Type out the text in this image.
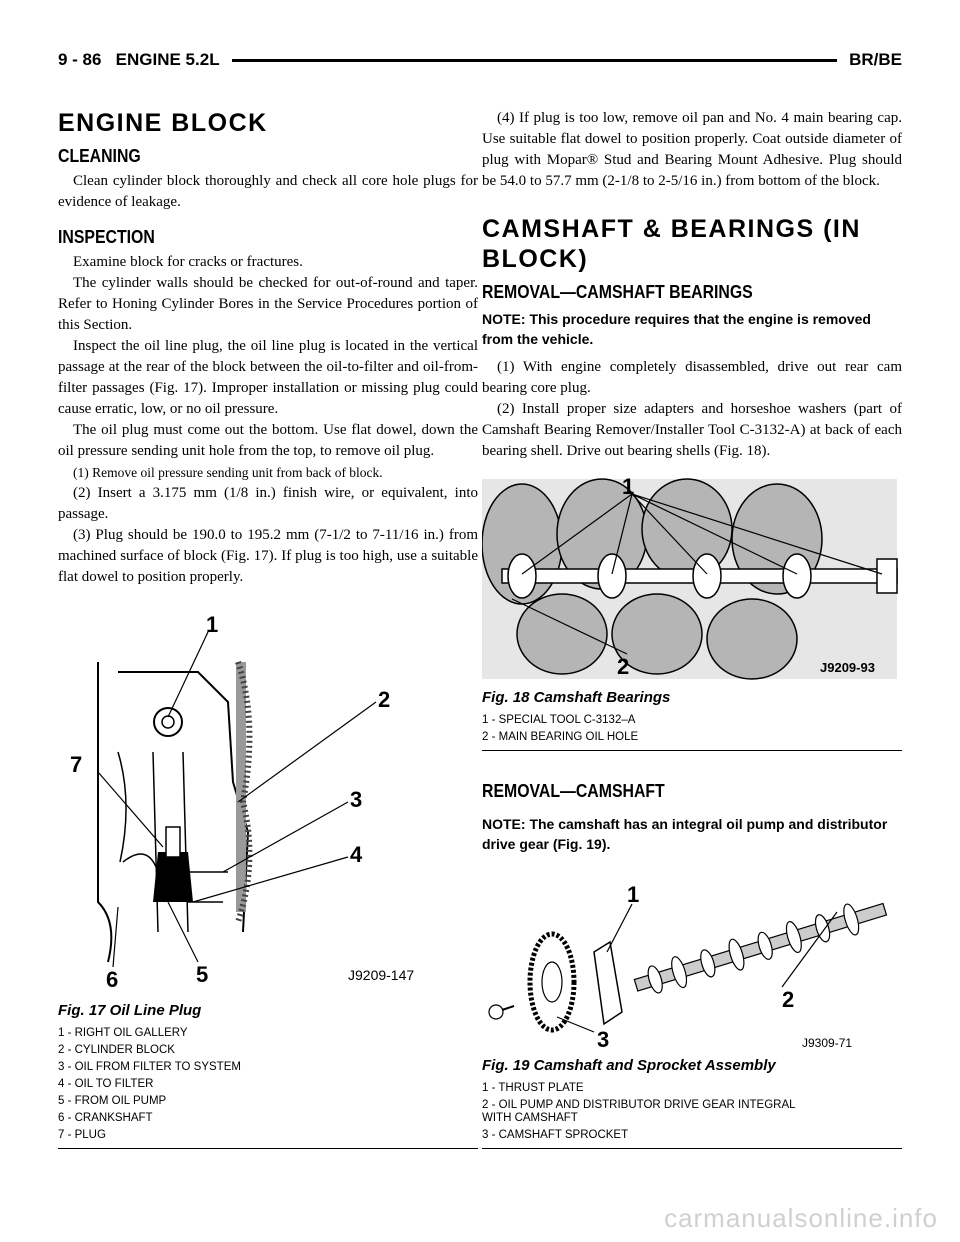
9 - 86 ENGINE 5.2L	BR/BE
ENGINE BLOCK
CLEANING

Clean cylinder block thoroughly and check all core hole plugs for evidence of leakage.

INSPECTION

Examine block for cracks or fractures.

The cylinder walls should be checked for out-of-round and taper. Refer to Honing Cylinder Bores in the Service Procedures portion of this Section.

Inspect the oil line plug, the oil line plug is located in the vertical passage at the rear of the block between the oil-to-filter and oil-from-filter passages (Fig. 17). Improper installation or missing plug could cause erratic, low, or no oil pressure.

The oil plug must come out the bottom. Use flat dowel, down the oil pressure sending unit hole from the top, to remove oil plug.

(1) Remove oil pressure sending unit from back of block.

(2) Insert a 3.175 mm (1/8 in.) finish wire, or equivalent, into passage.

(3) Plug should be 190.0 to 195.2 mm (7-1/2 to 7-11/16 in.) from machined surface of block (Fig. 17). If plug is too high, use a suitable flat dowel to position properly.

1
2
3
4
5
6
7
J9209-147
Fig. 17 Oil Line Plug
1 - RIGHT OIL GALLERY
2 - CYLINDER BLOCK
3 - OIL FROM FILTER TO SYSTEM
4 - OIL TO FILTER
5 - FROM OIL PUMP
6 - CRANKSHAFT
7 - PLUG

(4) If plug is too low, remove oil pan and No. 4 main bearing cap. Use suitable flat dowel to position properly. Coat outside diameter of plug with Mopar® Stud and Bearing Mount Adhesive. Plug should be 54.0 to 57.7 mm (2-1/8 to 2-5/16 in.) from bottom of the block.

CAMSHAFT & BEARINGS (IN BLOCK)
REMOVAL—CAMSHAFT BEARINGS
NOTE: This procedure requires that the engine is removed from the vehicle.

(1) With engine completely disassembled, drive out rear cam bearing core plug.

(2) Install proper size adapters and horseshoe washers (part of Camshaft Bearing Remover/Installer Tool C-3132-A) at back of each bearing shell. Drive out bearing shells (Fig. 18).

1
2	J9209-93
Fig. 18 Camshaft Bearings
1 - SPECIAL TOOL C-3132–A
2 - MAIN BEARING OIL HOLE
REMOVAL—CAMSHAFT
NOTE: The camshaft has an integral oil pump and distributor drive gear (Fig. 19).
1
2
3	J9309-71
Fig. 19 Camshaft and Sprocket Assembly
1 - THRUST PLATE
2 - OIL PUMP AND DISTRIBUTOR DRIVE GEAR INTEGRAL WITH CAMSHAFT
3 - CAMSHAFT SPROCKET
carmanualsonline.info
